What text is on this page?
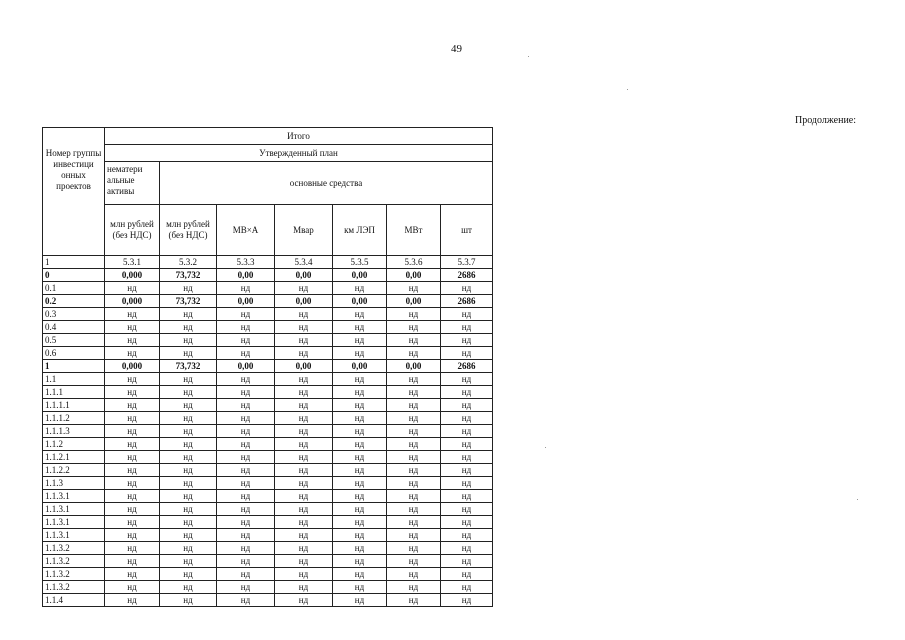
49
Продолжение:
Номер группы инвестици онных проектов	Итого						
	Утвержденный план						
	нематери альные активы	основные средства					
	млн рублей (без НДС)	млн рублей (без НДС)	МВ×А	Мвар	км ЛЭП	МВт	шт
1	5.3.1	5.3.2	5.3.3	5.3.4	5.3.5	5.3.6	5.3.7
0	0,000	73,732	0,00	0,00	0,00	0,00	2686
0.1	нд	нд	нд	нд	нд	нд	нд
0.2	0,000	73,732	0,00	0,00	0,00	0,00	2686
0.3	нд	нд	нд	нд	нд	нд	нд
0.4	нд	нд	нд	нд	нд	нд	нд
0.5	нд	нд	нд	нд	нд	нд	нд
0.6	нд	нд	нд	нд	нд	нд	нд
1	0,000	73,732	0,00	0,00	0,00	0,00	2686
1.1	нд	нд	нд	нд	нд	нд	нд
1.1.1	нд	нд	нд	нд	нд	нд	нд
1.1.1.1	нд	нд	нд	нд	нд	нд	нд
1.1.1.2	нд	нд	нд	нд	нд	нд	нд
1.1.1.3	нд	нд	нд	нд	нд	нд	нд
1.1.2	нд	нд	нд	нд	нд	нд	нд
1.1.2.1	нд	нд	нд	нд	нд	нд	нд
1.1.2.2	нд	нд	нд	нд	нд	нд	нд
1.1.3	нд	нд	нд	нд	нд	нд	нд
1.1.3.1	нд	нд	нд	нд	нд	нд	нд
1.1.3.1	нд	нд	нд	нд	нд	нд	нд
1.1.3.1	нд	нд	нд	нд	нд	нд	нд
1.1.3.1	нд	нд	нд	нд	нд	нд	нд
1.1.3.2	нд	нд	нд	нд	нд	нд	нд
1.1.3.2	нд	нд	нд	нд	нд	нд	нд
1.1.3.2	нд	нд	нд	нд	нд	нд	нд
1.1.3.2	нд	нд	нд	нд	нд	нд	нд
1.1.4	нд	нд	нд	нд	нд	нд	нд
